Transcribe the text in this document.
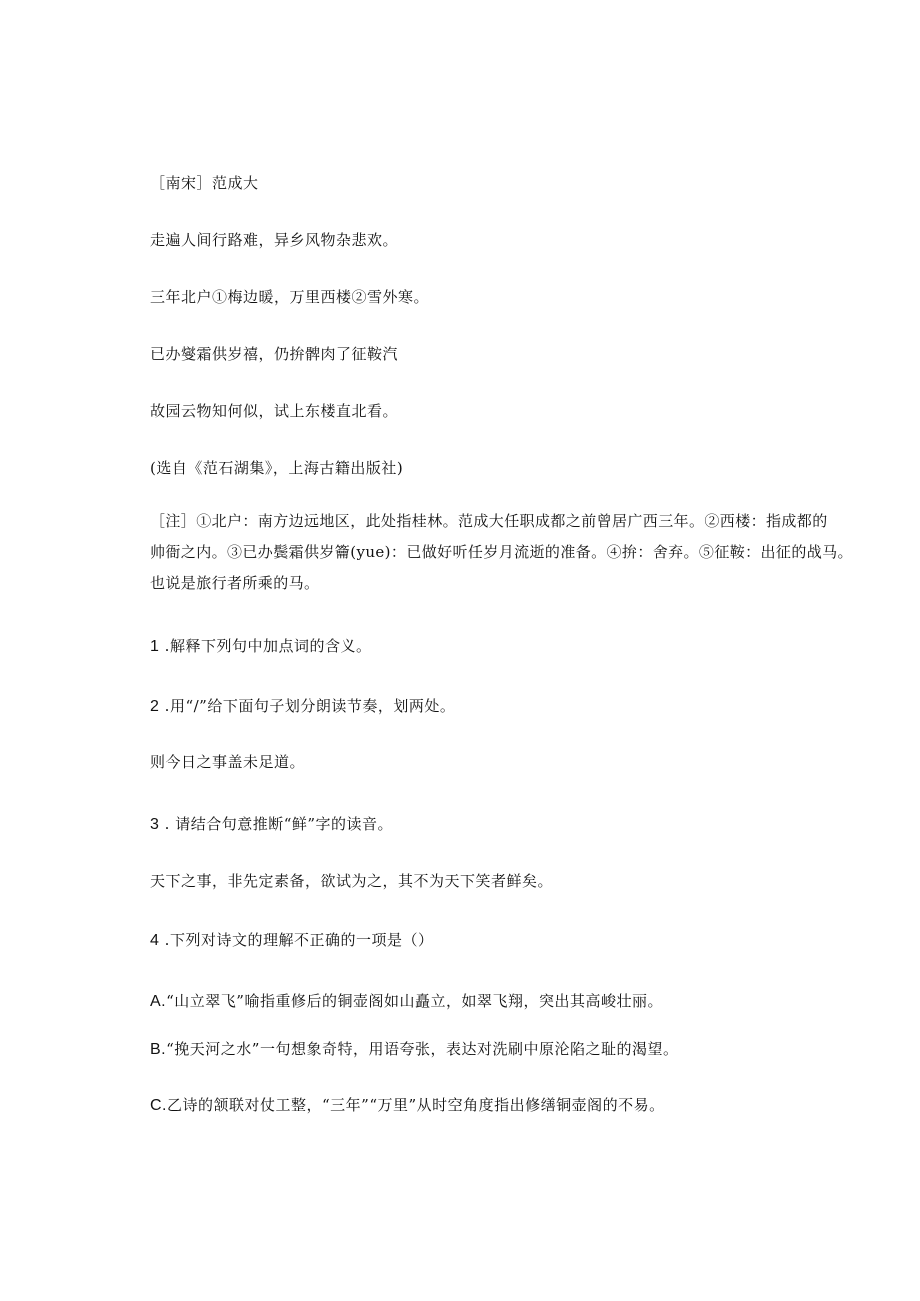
［南宋］范成大
走遍人间行路难，异乡风物杂悲欢。
三年北户①梅边暖，万里西楼②雪外寒。
已办燮霜供岁禧，仍拚髀肉了征鞍汽
故园云物知何似，试上东楼直北看。
(选自《范石湖集》，上海古籍出版社)

［注］①北户：南方边远地区，此处指桂林。范成大任职成都之前曾居广西三年。②西楼：指成都的

帅衙之内。③已办鬓霜供岁籥(yue)：已做好听任岁月流逝的准备。④拚：舍弃。⑤征鞍：出征的战马。

也说是旅行者所乘的马。

1 .解释下列句中加点词的含义。
2 .用“/”给下面句子划分朗读节奏，划两处。
则今日之事盖未足道。
3 . 请结合句意推断“鲜”字的读音。
天下之事，非先定素备，欲试为之，其不为天下笑者鲜矣。
4 .下列对诗文的理解不正确的一项是（）
A.“山立翠飞”喻指重修后的铜壶阁如山矗立，如翠飞翔，突出其高峻壮丽。
B.“挽天河之水”一句想象奇特，用语夸张，表达对洗刷中原沦陷之耻的渴望。
C.乙诗的颔联对仗工整，“三年”“万里”从时空角度指出修缮铜壶阁的不易。
